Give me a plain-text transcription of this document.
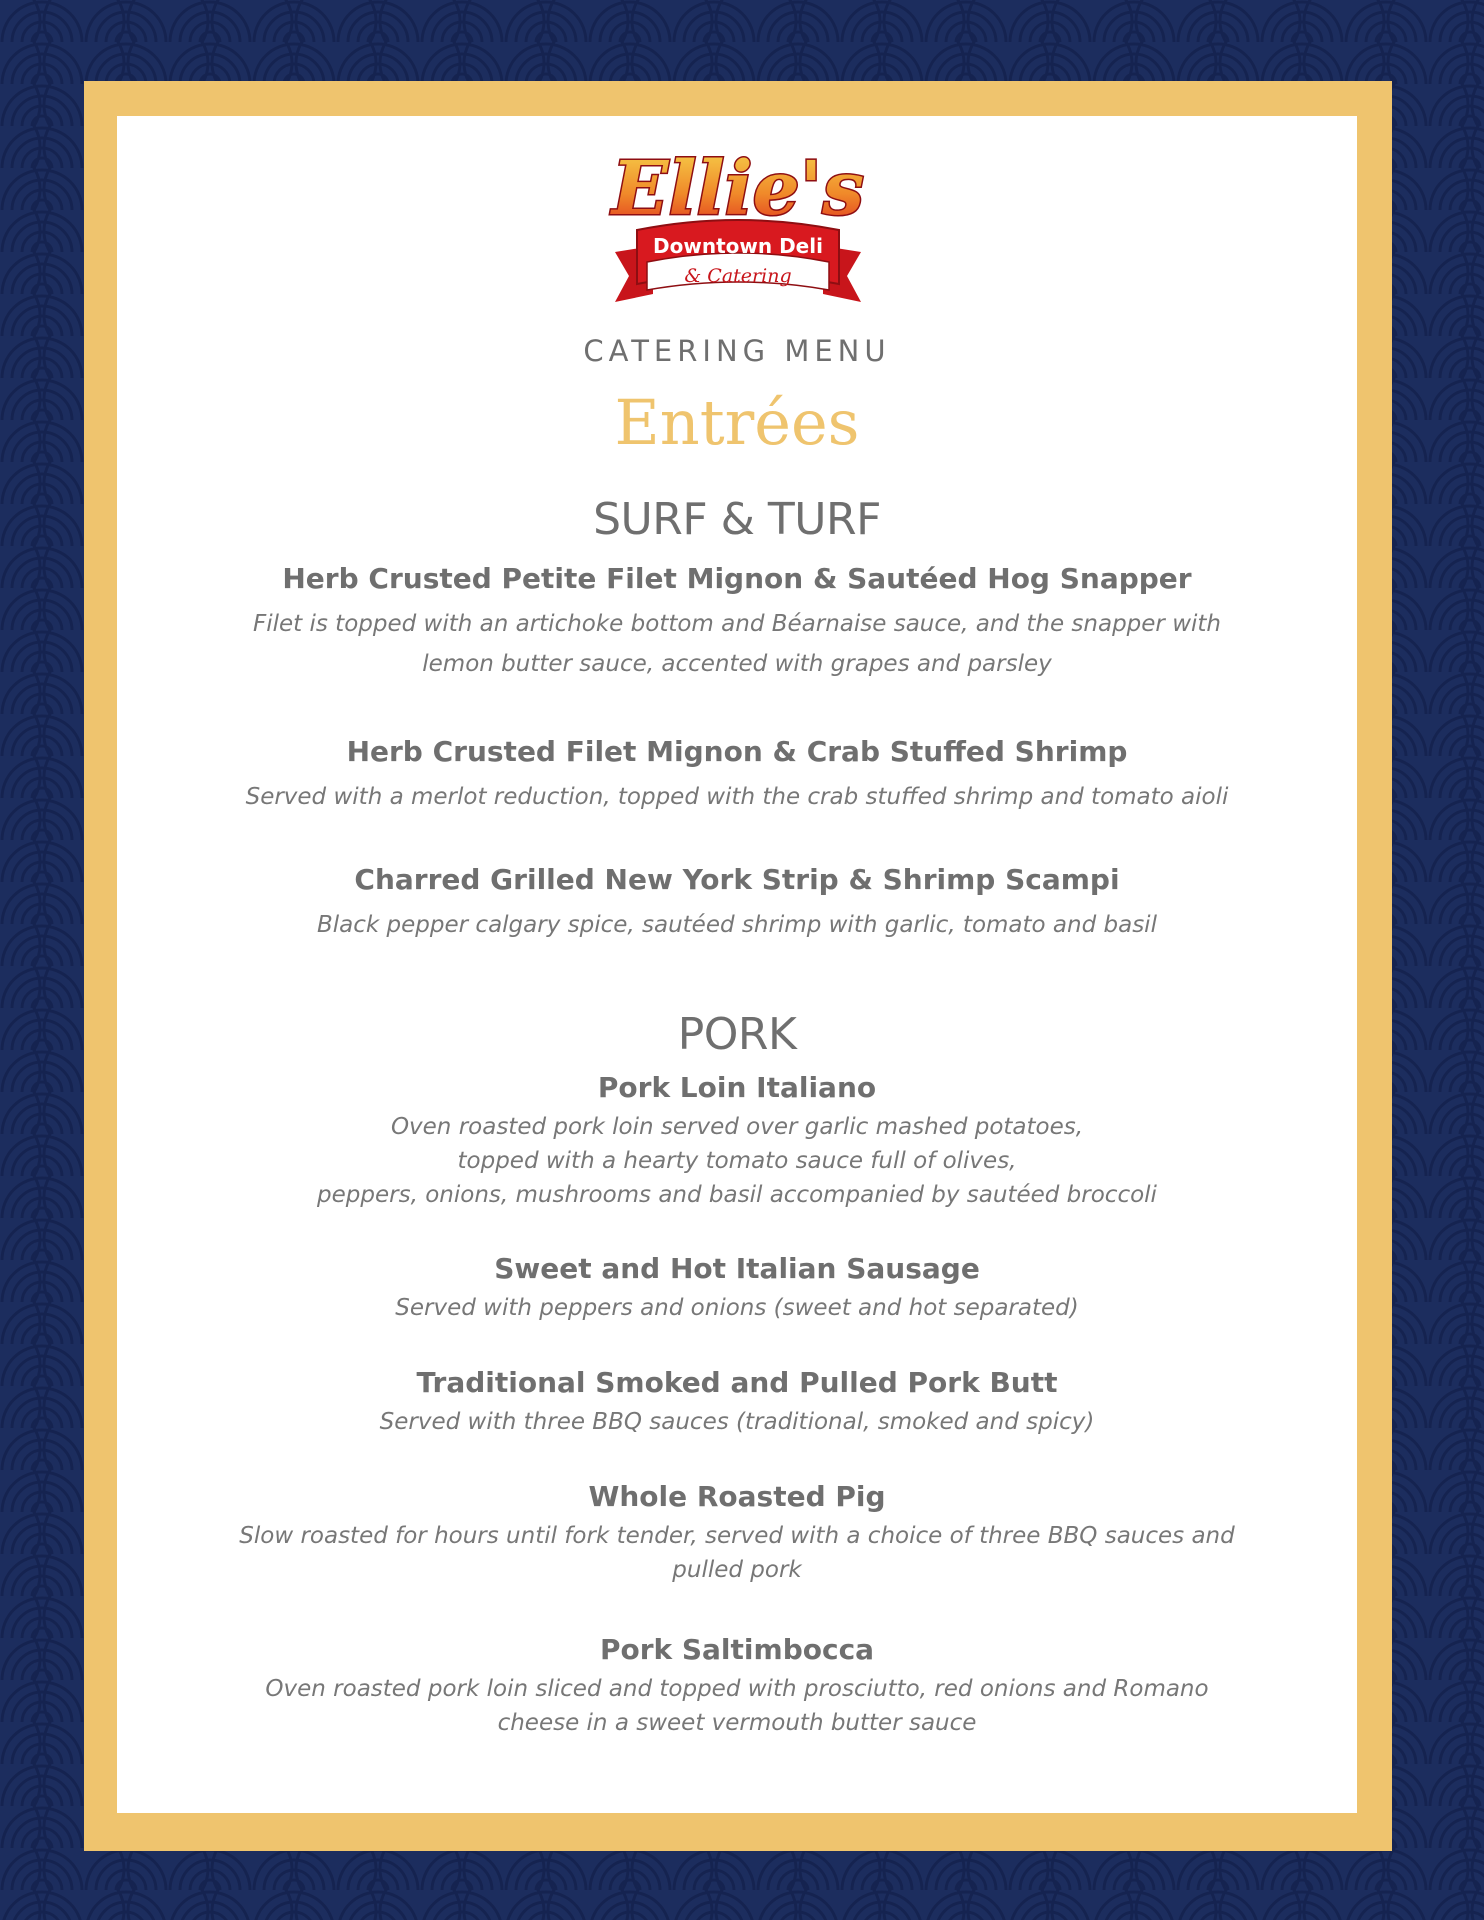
Ellie's
Downtown Deli
& Catering
CATERING MENU
Entrées
SURF & TURF
Herb Crusted Petite Filet Mignon & Sautéed Hog Snapper
Filet is topped with an artichoke bottom and Béarnaise sauce, and the snapper with
lemon butter sauce, accented with grapes and parsley
Herb Crusted Filet Mignon & Crab Stuffed Shrimp
Served with a merlot reduction, topped with the crab stuffed shrimp and tomato aioli
Charred Grilled New York Strip & Shrimp Scampi
Black pepper calgary spice, sautéed shrimp with garlic, tomato and basil
PORK
Pork Loin Italiano
Oven roasted pork loin served over garlic mashed potatoes,
topped with a hearty tomato sauce full of olives,
peppers, onions, mushrooms and basil accompanied by sautéed broccoli
Sweet and Hot Italian Sausage
Served with peppers and onions (sweet and hot separated)
Traditional Smoked and Pulled Pork Butt
Served with three BBQ sauces (traditional, smoked and spicy)
Whole Roasted Pig
Slow roasted for hours until fork tender, served with a choice of three BBQ sauces and
pulled pork
Pork Saltimbocca
Oven roasted pork loin sliced and topped with prosciutto, red onions and Romano
cheese in a sweet vermouth butter sauce
